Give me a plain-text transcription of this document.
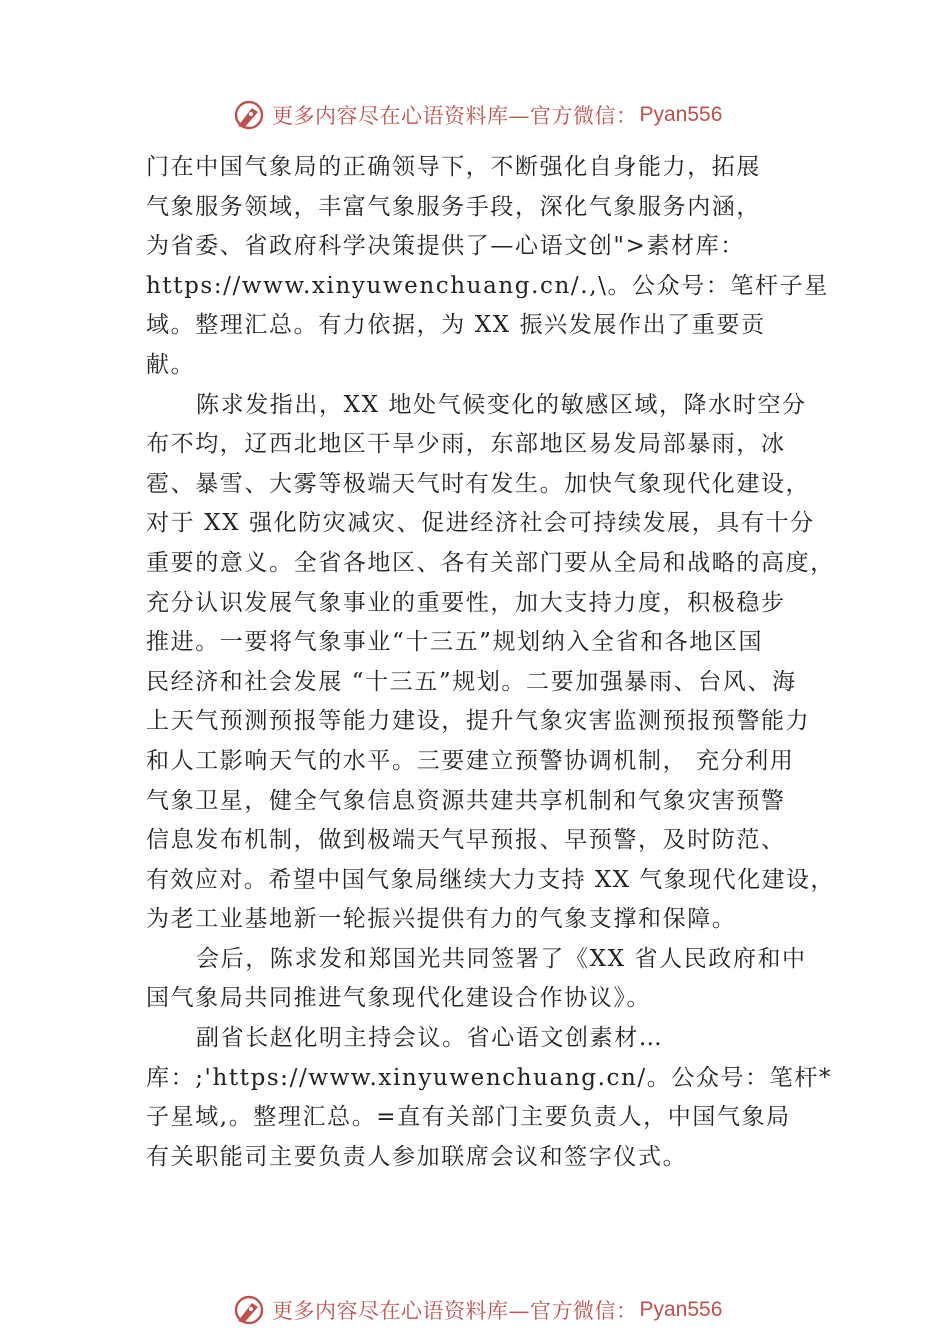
更多内容尽在心语资料库—官方微信： Pyan556
门在中国气象局的正确领导下，不断强化自身能力，拓展
气象服务领域，丰富气象服务手段，深化气象服务内涵，
为省委、省政府科学决策提供了—心语文创">素材库：
https://www.xinyuwenchuang.cn/.,\。公众号：笔杆子星
域。整理汇总。有力依据，为 XX 振兴发展作出了重要贡
献。
陈求发指出，XX 地处气候变化的敏感区域，降水时空分
布不均，辽西北地区干旱少雨，东部地区易发局部暴雨，冰
雹、暴雪、大雾等极端天气时有发生。加快气象现代化建设，
对于 XX 强化防灾减灾、促进经济社会可持续发展，具有十分
重要的意义。全省各地区、各有关部门要从全局和战略的高度，
充分认识发展气象事业的重要性，加大支持力度，积极稳步
推进。一要将气象事业“十三五”规划纳入全省和各地区国
民经济和社会发展 “十三五”规划。二要加强暴雨、台风、海
上天气预测预报等能力建设，提升气象灾害监测预报预警能力
和人工影响天气的水平。三要建立预警协调机制， 充分利用
气象卫星，健全气象信息资源共建共享机制和气象灾害预警
信息发布机制，做到极端天气早预报、早预警，及时防范、
有效应对。希望中国气象局继续大力支持 XX 气象现代化建设，
为老工业基地新一轮振兴提供有力的气象支撑和保障。
会后，陈求发和郑国光共同签署了《XX 省人民政府和中
国气象局共同推进气象现代化建设合作协议》。
副省长赵化明主持会议。省心语文创素材…
库：;'https://www.xinyuwenchuang.cn/。公众号：笔杆*
子星域,。整理汇总。=直有关部门主要负责人，中国气象局
有关职能司主要负责人参加联席会议和签字仪式。
更多内容尽在心语资料库—官方微信： Pyan556
